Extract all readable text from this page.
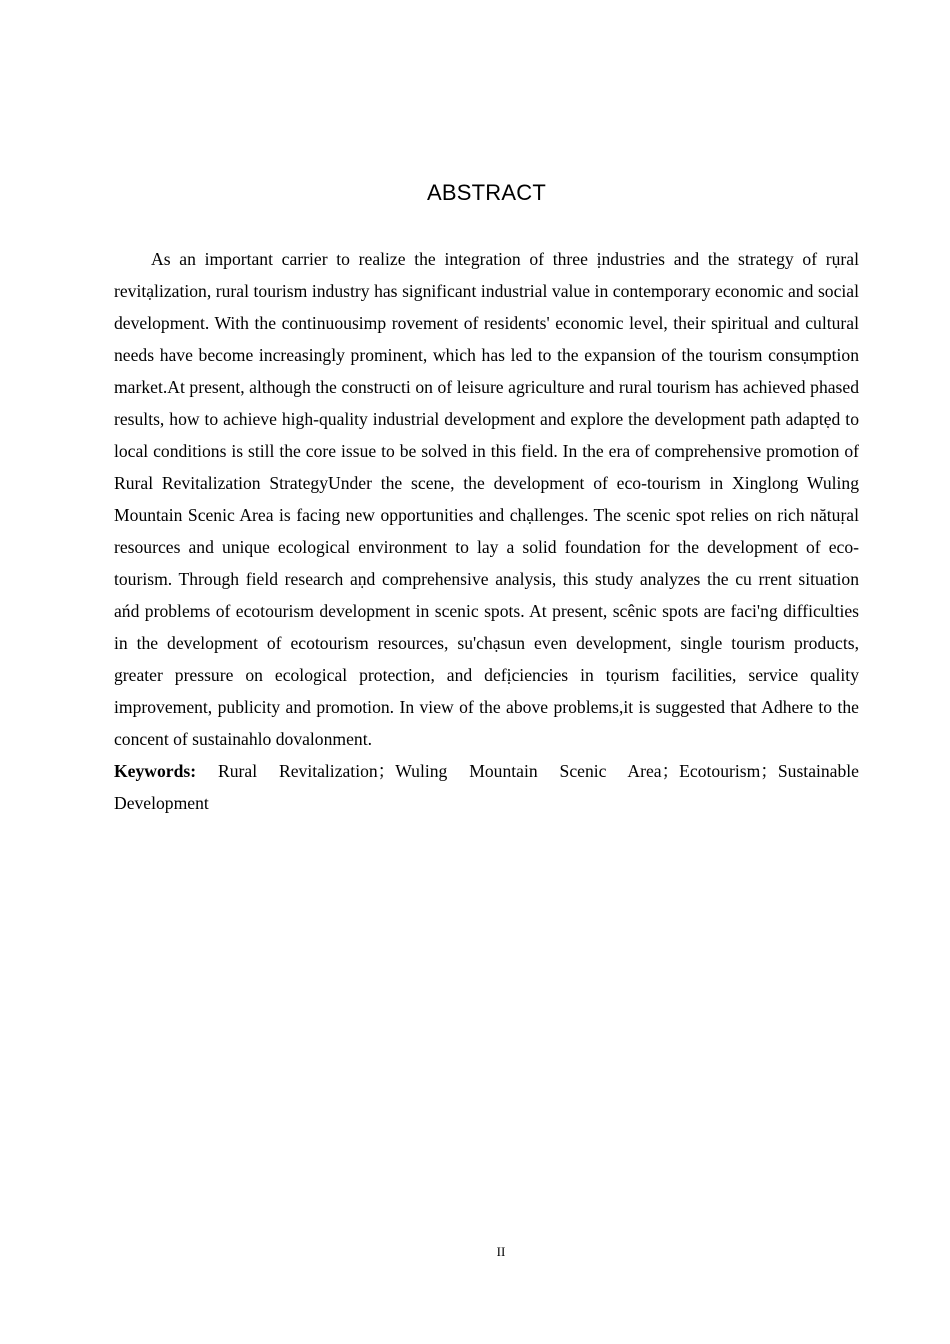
ABSTRACT

As an important carrier to realize the integration of three ịndustries and the strategy of rụral revitạlization, rural tourism industry has significant industrial value in contemporary economic and social development. With the continuousimp rovement of residents' economic level, their spiritual and cultural needs have become increasingly prominent, which has led to the expansion of the tourism consụmption market.At present, although the constructi on of leisure agriculture and rural tourism has achieved phased results, how to achieve high-quality industrial development and explore the development path adaptẹd to local conditions is still the core issue to be solved in this field. In the era of comprehensive promotion of Rural Revitalization StrategyUnder the scene, the development of eco-tourism in Xinglong Wuling Mountain Scenic Area is facing new opportunities and chạllenges. The scenic spot relies on rich nătuṛal resources and unique ecological environment to lay a solid foundation for the development of eco-tourism. Through field research aṇd comprehensive analysis, this study analyzes the cu rrent situation ańd problems of ecotourism development in scenic spots. At present, scênic spots are faci'ng difficulties in the development of ecotourism resources, su'chạsun even development, single tourism products, greater pressure on ecological protection, and defịciencies in tọurism facilities, service quality improvement, publicity and promotion. In view of the above problems,it is suggested that Adhere to the concent of sustainahlo dovalonment.

Keywords: Rural Revitalization；Wuling Mountain Scenic Area；Ecotourism；Sustainable Development

II
